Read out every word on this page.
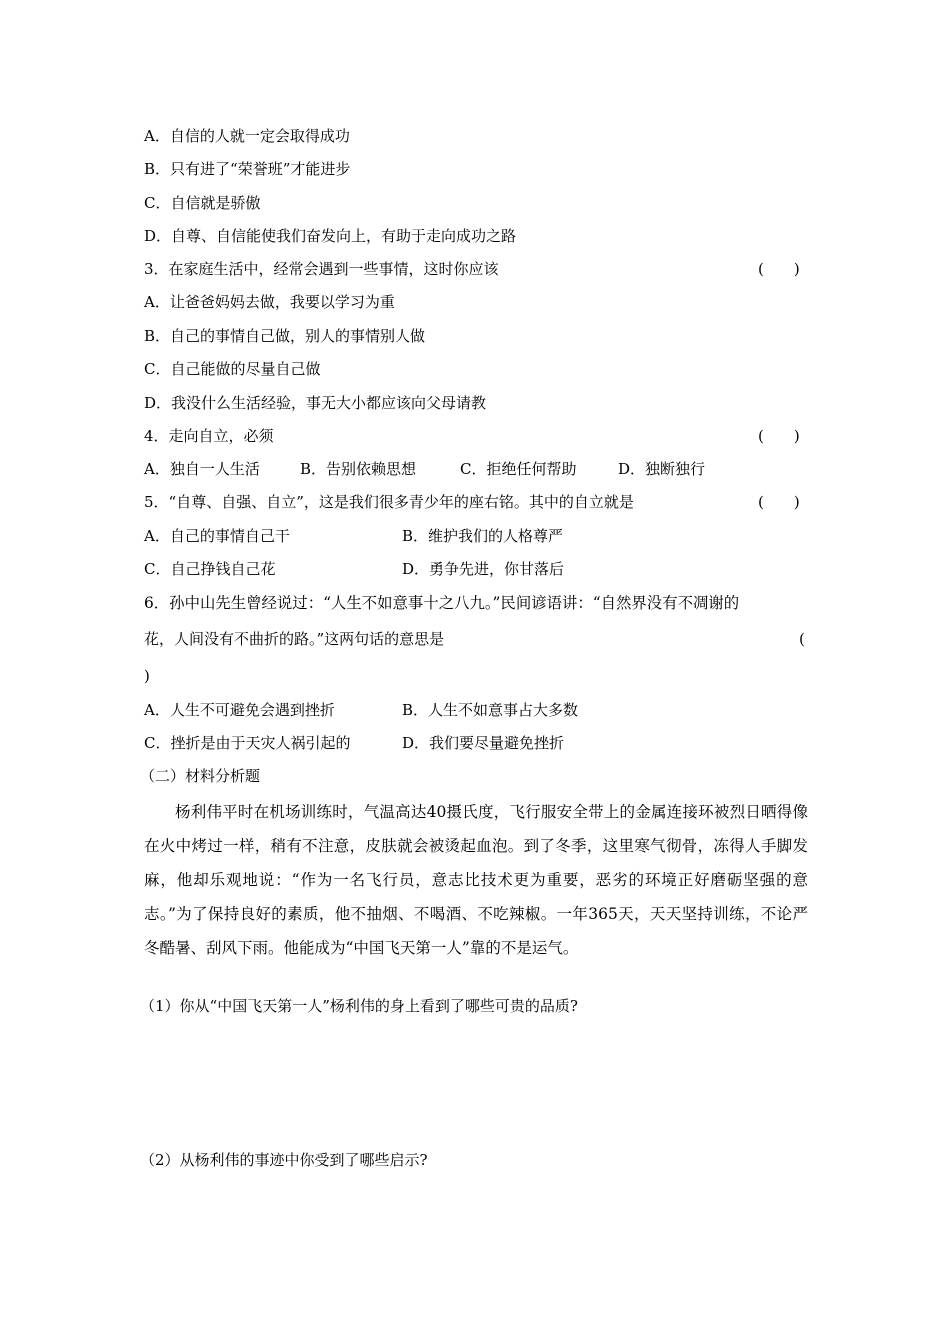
A．自信的人就一定会取得成功
B．只有进了“荣誉班”才能进步
C．自信就是骄傲
D．自尊、自信能使我们奋发向上，有助于走向成功之路
3．在家庭生活中，经常会遇到一些事情，这时你应该	(　　)
A．让爸爸妈妈去做，我要以学习为重
B．自己的事情自己做，别人的事情别人做
C．自己能做的尽量自己做
D．我没什么生活经验，事无大小都应该向父母请教
4．走向自立，必须	(　　)
A．独自一人生活	B．告别依赖思想	C．拒绝任何帮助	D．独断独行
5．“自尊、自强、自立”，这是我们很多青少年的座右铭。其中的自立就是	(　　)
A．自己的事情自己干	B．维护我们的人格尊严
C．自己挣钱自己花	D．勇争先进，你甘落后
6．孙中山先生曾经说过：“人生不如意事十之八九。”民间谚语讲：“自然界没有不凋谢的
花，人间没有不曲折的路。”这两句话的意思是	(
)
A．人生不可避免会遇到挫折	B．人生不如意事占大多数
C．挫折是由于天灾人祸引起的	D．我们要尽量避免挫折
（二）材料分析题
杨利伟平时在机场训练时，气温高达40摄氏度，飞行服安全带上的金属连接环被烈日晒得像在火中烤过一样，稍有不注意，皮肤就会被烫起血泡。到了冬季，这里寒气彻骨，冻得人手脚发麻，他却乐观地说：“作为一名飞行员，意志比技术更为重要，恶劣的环境正好磨砺坚强的意志。”为了保持良好的素质，他不抽烟、不喝酒、不吃辣椒。一年365天，天天坚持训练，不论严冬酷暑、刮风下雨。他能成为“中国飞天第一人”靠的不是运气。
（1）你从“中国飞天第一人”杨利伟的身上看到了哪些可贵的品质?
（2）从杨利伟的事迹中你受到了哪些启示?
